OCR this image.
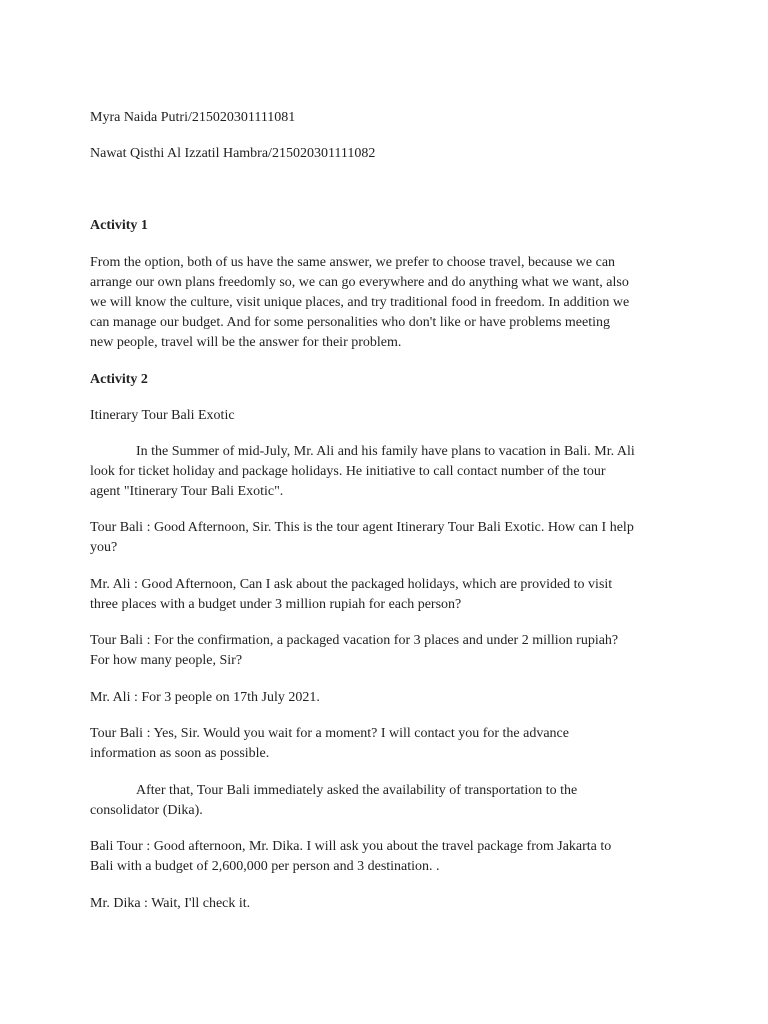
Myra Naida Putri/215020301111081
Nawat Qisthi Al Izzatil Hambra/215020301111082
Activity 1
From the option, both of us have the same answer, we prefer to choose travel, because we can
arrange our own plans freedomly so, we can go everywhere and do anything what we want, also
we will know the culture, visit unique places, and try traditional food in freedom. In addition we
can manage our budget. And for some personalities who don't like or have problems meeting
new people, travel will be the answer for their problem.
Activity 2
Itinerary Tour Bali Exotic
In the Summer of mid-July, Mr. Ali and his family have plans to vacation in Bali. Mr. Ali
look for ticket holiday and package holidays. He initiative to call contact number of the tour
agent "Itinerary Tour Bali Exotic".
Tour Bali : Good Afternoon, Sir. This is the tour agent Itinerary Tour Bali Exotic. How can I help
you?
Mr. Ali : Good Afternoon, Can I ask about the packaged holidays, which are provided to visit
three places with a budget under 3 million rupiah for each person?
Tour Bali : For the confirmation, a packaged vacation for 3 places and under 2 million rupiah?
For how many people, Sir?
Mr. Ali : For 3 people on 17th July 2021.
Tour Bali : Yes, Sir. Would you wait for a moment? I will contact you for the advance
information as soon as possible.
After that, Tour Bali immediately asked the availability of transportation to the
consolidator (Dika).
Bali Tour : Good afternoon, Mr. Dika. I will ask you about the travel package from Jakarta to
Bali with a budget of 2,600,000 per person and 3 destination. .
Mr. Dika : Wait, I'll check it.
